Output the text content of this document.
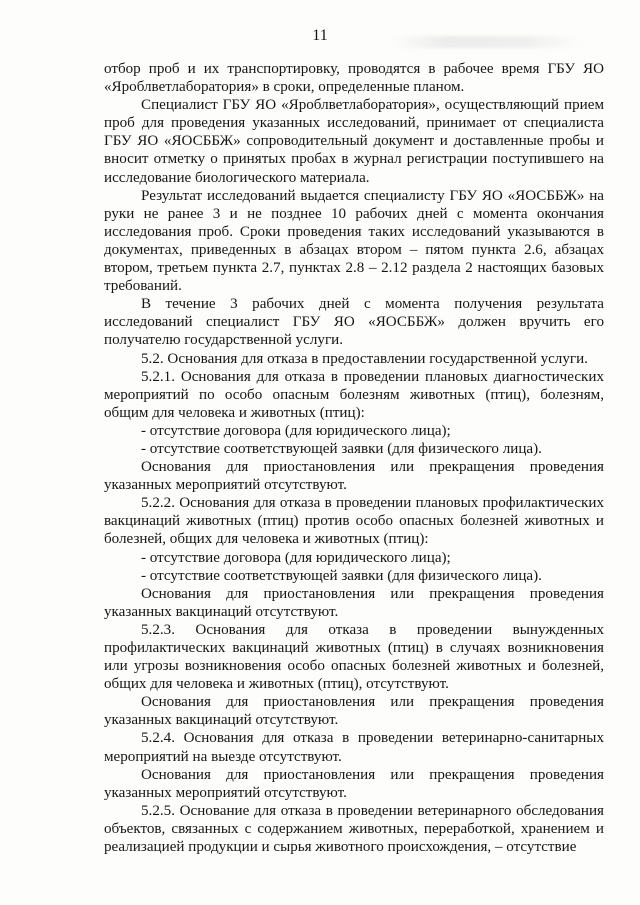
11

отбор проб и их транспортировку, проводятся в рабочее время ГБУ ЯО «Яроблветлаборатория» в сроки, определенные планом.

Специалист ГБУ ЯО «Яроблветлаборатория», осуществляющий прием проб для проведения указанных исследований, принимает от специалиста ГБУ ЯО «ЯОСББЖ» сопроводительный документ и доставленные пробы и вносит отметку о принятых пробах в журнал регистрации поступившего на исследование биологического материала.

Результат исследований выдается специалисту ГБУ ЯО «ЯОСББЖ» на руки не ранее 3 и не позднее 10 рабочих дней с момента окончания исследования проб. Сроки проведения таких исследований указываются в документах, приведенных в абзацах втором – пятом пункта 2.6, абзацах втором, третьем пункта 2.7, пунктах 2.8 – 2.12 раздела 2 настоящих базовых требований.

В течение 3 рабочих дней с момента получения результата исследований специалист ГБУ ЯО «ЯОСББЖ» должен вручить его получателю государственной услуги.

5.2. Основания для отказа в предоставлении государственной услуги.

5.2.1. Основания для отказа в проведении плановых диагностических мероприятий по особо опасным болезням животных (птиц), болезням, общим для человека и животных (птиц):

- отсутствие договора (для юридического лица);

- отсутствие соответствующей заявки (для физического лица).

Основания для приостановления или прекращения проведения указанных мероприятий отсутствуют.

5.2.2. Основания для отказа в проведении плановых профилактических вакцинаций животных (птиц) против особо опасных болезней животных и болезней, общих для человека и животных (птиц):

- отсутствие договора (для юридического лица);

- отсутствие соответствующей заявки (для физического лица).

Основания для приостановления или прекращения проведения указанных вакцинаций отсутствуют.

5.2.3. Основания для отказа в проведении вынужденных профилактических вакцинаций животных (птиц) в случаях возникновения или угрозы возникновения особо опасных болезней животных и болезней, общих для человека и животных (птиц), отсутствуют.

Основания для приостановления или прекращения проведения указанных вакцинаций отсутствуют.

5.2.4. Основания для отказа в проведении ветеринарно-санитарных мероприятий на выезде отсутствуют.

Основания для приостановления или прекращения проведения указанных мероприятий отсутствуют.

5.2.5. Основание для отказа в проведении ветеринарного обследования объектов, связанных с содержанием животных, переработкой, хранением и реализацией продукции и сырья животного происхождения, – отсутствие
